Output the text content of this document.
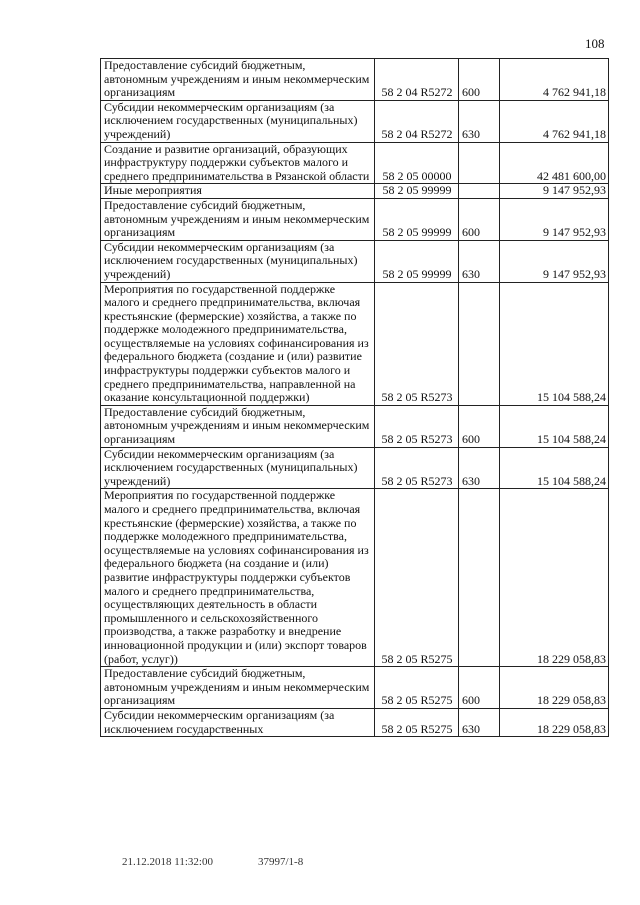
108
Предоставление субсидий бюджетным, автономным учреждениям и иным некоммерческим организациям	58 2 04 R5272	600	4 762 941,18
Субсидии некоммерческим организациям (за исключением государственных (муниципальных) учреждений)	58 2 04 R5272	630	4 762 941,18
Создание и развитие организаций, образующих инфраструктуру поддержки субъектов малого и среднего предпринимательства в Рязанской области	58 2 05 00000		42 481 600,00
Иные мероприятия	58 2 05 99999		9 147 952,93
Предоставление субсидий бюджетным, автономным учреждениям и иным некоммерческим организациям	58 2 05 99999	600	9 147 952,93
Субсидии некоммерческим организациям (за исключением государственных (муниципальных) учреждений)	58 2 05 99999	630	9 147 952,93
Мероприятия по государственной поддержке малого и среднего предпринимательства, включая крестьянские (фермерские) хозяйства, а также по поддержке молодежного предпринимательства, осуществляемые на условиях софинансирования из федерального бюджета (создание и (или) развитие инфраструктуры поддержки субъектов малого и среднего предпринимательства, направленной на оказание консультационной поддержки)	58 2 05 R5273		15 104 588,24
Предоставление субсидий бюджетным, автономным учреждениям и иным некоммерческим организациям	58 2 05 R5273	600	15 104 588,24
Субсидии некоммерческим организациям (за исключением государственных (муниципальных) учреждений)	58 2 05 R5273	630	15 104 588,24
Мероприятия по государственной поддержке малого и среднего предпринимательства, включая крестьянские (фермерские) хозяйства, а также по поддержке молодежного предпринимательства, осуществляемые на условиях софинансирования из федерального бюджета (на создание и (или) развитие инфраструктуры поддержки субъектов малого и среднего предпринимательства, осуществляющих деятельность в области промышленного и сельскохозяйственного производства, а также разработку и внедрение инновационной продукции и (или) экспорт товаров (работ, услуг))	58 2 05 R5275		18 229 058,83
Предоставление субсидий бюджетным, автономным учреждениям и иным некоммерческим организациям	58 2 05 R5275	600	18 229 058,83
Субсидии некоммерческим организациям (за исключением государственных	58 2 05 R5275	630	18 229 058,83
21.12.2018 11:32:00	37997/1-8
